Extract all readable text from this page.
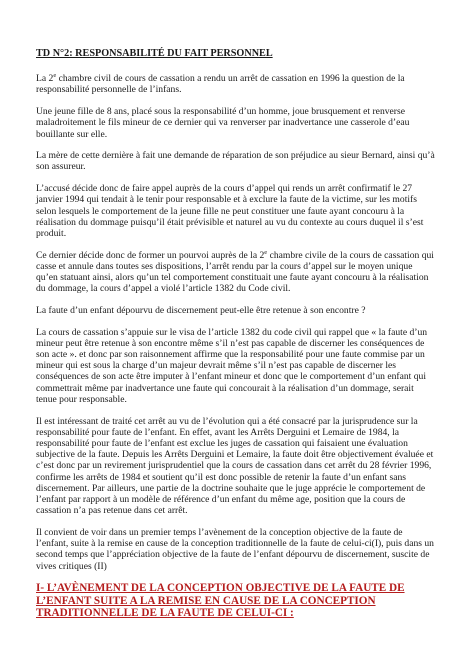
TD N°2: RESPONSABILITÉ DU FAIT PERSONNEL

La 2e chambre civil de cours de cassation a rendu un arrêt de cassation en 1996 la question de la responsabilité personnelle de l’infans.

Une jeune fille de 8 ans, placé sous la responsabilité d’un homme, joue brusquement et renverse maladroitement le fils mineur de ce dernier qui va renverser par inadvertance une casserole d’eau bouillante sur elle.

La mère de cette dernière à fait une demande de réparation de son préjudice au sieur Bernard, ainsi qu’à son assureur.

L’accusé décide donc de faire appel auprès de la cours d’appel qui rends un arrêt confirmatif le 27 janvier 1994 qui tendait à le tenir pour responsable et à exclure la faute de la victime, sur les motifs selon lesquels le comportement de la jeune fille ne peut constituer une faute ayant concouru à la réalisation du dommage puisqu’il était prévisible et naturel au vu du contexte au cours duquel il s’est produit.

Ce dernier décide donc de former un pourvoi auprès de la 2e chambre civile de la cours de cassation qui casse et annule dans toutes ses dispositions, l’arrêt rendu par la cours d’appel sur le moyen unique qu’en statuant ainsi, alors qu’un tel comportement constituait une faute ayant concouru à la réalisation du dommage, la cours d’appel a violé l’article 1382 du Code civil.

La faute d’un enfant dépourvu de discernement peut-elle être retenue à son encontre ?

La cours de cassation s’appuie sur le visa de l’article 1382 du code civil qui rappel que « la faute d’un mineur peut être retenue à son encontre même s’il n’est pas capable de discerner les conséquences de son acte ». et donc par son raisonnement affirme que la responsabilité pour une faute commise par un mineur qui est sous la charge d’un majeur devrait même s’il n’est pas capable de discerner les conséquences de son acte être imputer à l’enfant mineur et donc que le comportement d’un enfant qui commettrait même par inadvertance une faute qui concourait à la réalisation d’un dommage, serait tenue pour responsable.

Il est intéressant de traité cet arrêt au vu de l’évolution qui a été consacré par la jurisprudence sur la responsabilité pour faute de l’enfant. En effet, avant les Arrêts Derguini et Lemaire de 1984, la responsabilité pour faute de l’enfant est exclue les juges de cassation qui faisaient une évaluation subjective de la faute. Depuis les Arrêts Derguini et Lemaire, la faute doit être objectivement évaluée et c’est donc par un revirement jurisprudentiel que la cours de cassation dans cet arrêt du 28 février 1996, confirme les arrêts de 1984 et soutient qu’il est donc possible de retenir la faute d’un enfant sans discernement. Par ailleurs, une partie de la doctrine souhaite que le juge apprécie le comportement de l’enfant par rapport à un modèle de référence d’un enfant du même age, position que la cours de cassation n’a pas retenue dans cet arrêt.

Il convient de voir dans un premier temps l’avènement de la conception objective de la faute de l’enfant, suite à la remise en cause de la conception traditionnelle de la faute de celui-ci(I), puis dans un second temps que l’appréciation objective de la faute de l’enfant dépourvu de discernement, suscite de vives critiques (II)

I- L’AVÈNEMENT DE LA CONCEPTION OBJECTIVE DE LA FAUTE DE L’ENFANT SUITE A LA REMISE EN CAUSE DE LA CONCEPTION TRADITIONNELLE DE LA FAUTE DE CELUI-CI :
